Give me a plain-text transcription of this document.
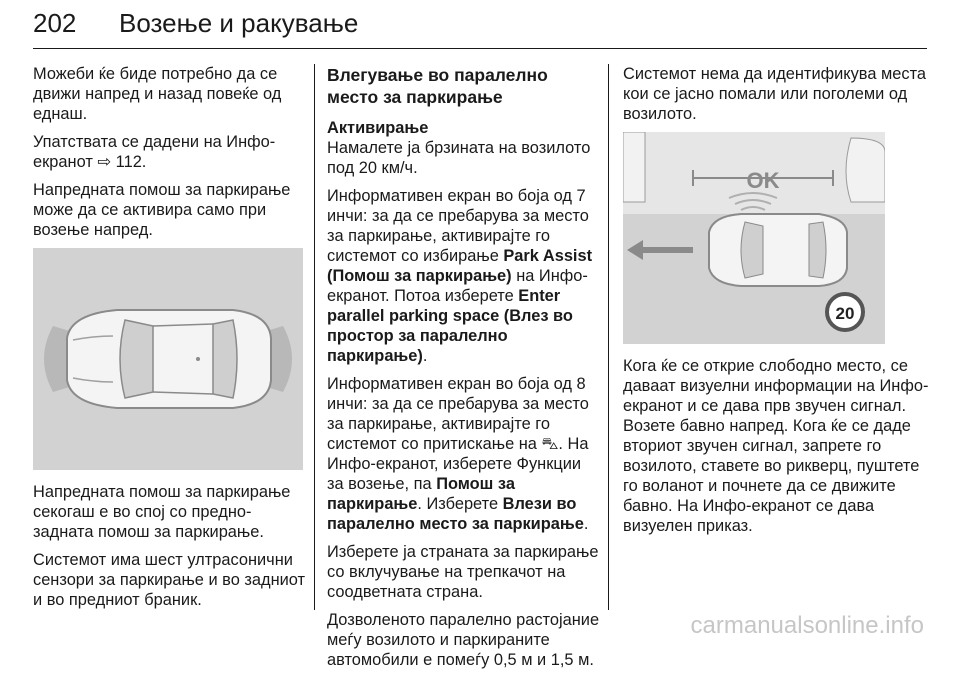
202 Возење и ракување

Можеби ќе биде потребно да се движи напред и назад повеќе од еднаш.

Упатствата се дадени на Инфо-екранот ⇨ 112.

Напредната помош за паркирање може да се активира само при возење напред.

Напредната помош за паркирање секогаш е во спој со предно-задната помош за паркирање.

Системот има шест ултрасонични сензори за паркирање и во задниот и во предниот браник.

Влегување во паралелно место за паркирање
Активирање

Намалете ја брзината на возилото под 20 км/ч.

Информативен екран во боја од 7 инчи: за да се пребарува за место за паркирање, активирајте го системот со избирање Park Assist (Помош за паркирање) на Инфо-екранот. Потоа изберете Enter parallel parking space (Влез во простор за паралелно паркирање).

Информативен екран во боја од 8 инчи: за да се пребарува за место за паркирање, активирајте го системот со притискање на ⛍. На Инфо-екранот, изберете Функции за возење, па Помош за паркирање. Изберете Влези во паралелно место за паркирање.

Изберете ја страната за паркирање со вклучување на трепкачот на соодветната страна.

Дозволеното паралелно растојание меѓу возилото и паркираните автомобили е помеѓу 0,5 м и 1,5 м.

Системот нема да идентификува места кои се јасно помали или поголеми од возилото.

OK
20

Кога ќе се открие слободно место, се даваат визуелни информации на Инфо-екранот и се дава прв звучен сигнал. Возете бавно напред. Кога ќе се даде вториот звучен сигнал, запрете го возилото, ставете во рикверц, пуштете го воланот и почнете да се движите бавно. На Инфо-екранот се дава визуелен приказ.

carmanualsonline.info
